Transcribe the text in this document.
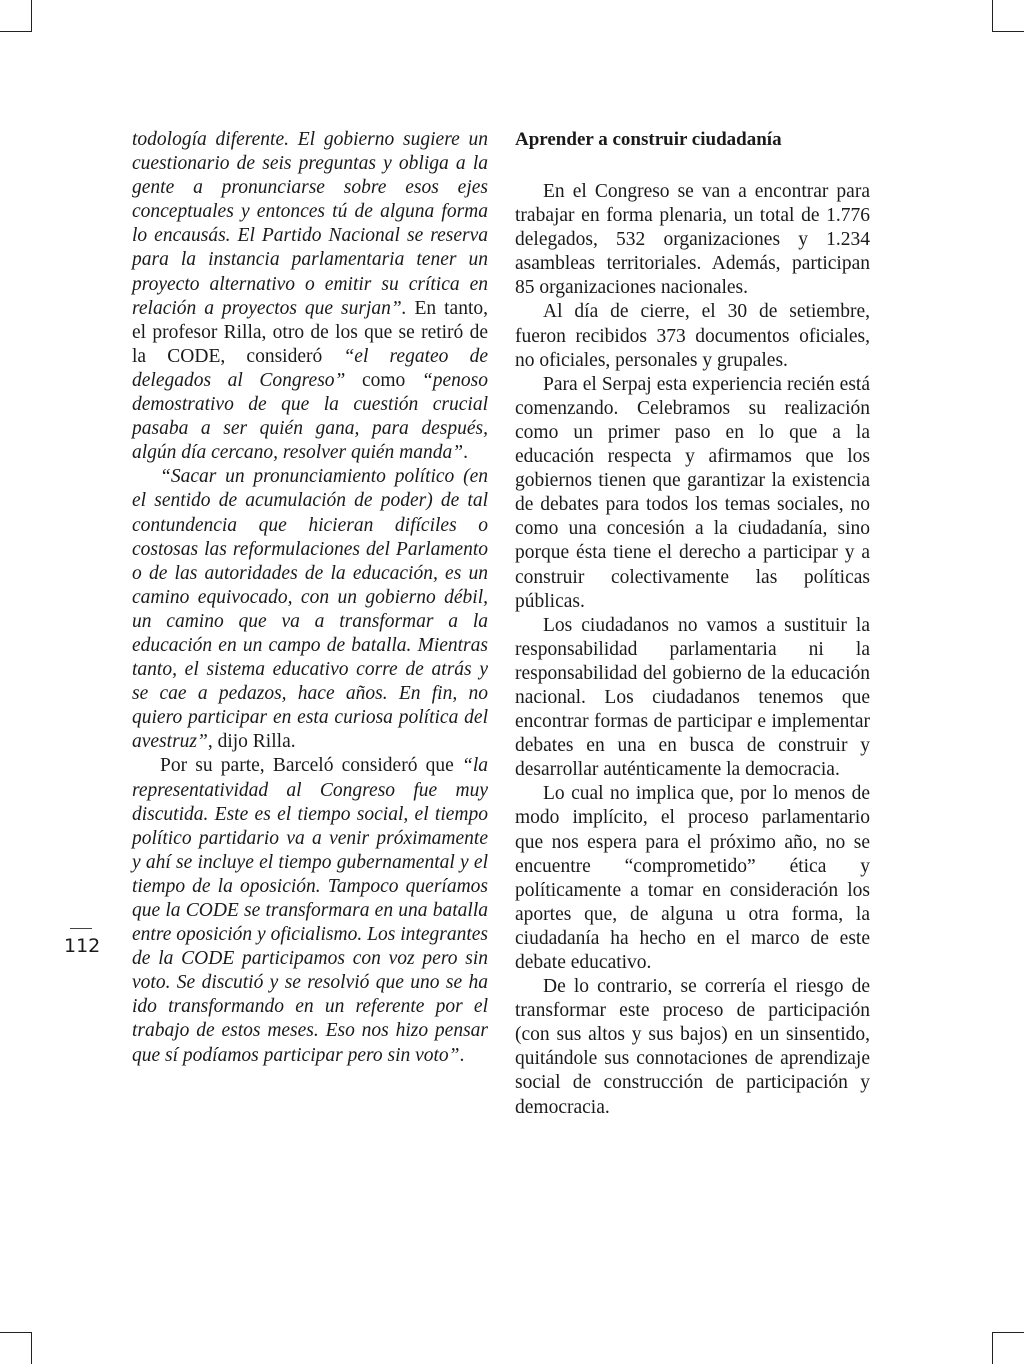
todología diferente. El gobierno sugiere un cuestionario de seis preguntas y obliga a la gente a pronunciarse sobre esos ejes conceptuales y entonces tú de alguna forma lo encausás. El Partido Nacional se reserva para la instancia parlamentaria tener un proyecto alternativo o emitir su crítica en relación a proyectos que surjan”. En tanto, el profesor Rilla, otro de los que se retiró de la CODE, consideró “el regateo de delegados al Congreso” como “penoso demostrativo de que la cuestión crucial pasaba a ser quién gana, para después, algún día cercano, resolver quién manda”.

“Sacar un pronunciamiento político (en el sentido de acumulación de poder) de tal contundencia que hicieran difíciles o costosas las reformulaciones del Parlamento o de las autoridades de la educación, es un camino equivocado, con un gobierno débil, un camino que va a transformar a la educación en un campo de batalla. Mientras tanto, el sistema educativo corre de atrás y se cae a pedazos, hace años. En fin, no quiero participar en esta curiosa política del avestruz”, dijo Rilla.

Por su parte, Barceló consideró que “la representatividad al Congreso fue muy discutida. Este es el tiempo social, el tiempo político partidario va a venir próximamente y ahí se incluye el tiempo gubernamental y el tiempo de la oposición. Tampoco queríamos que la CODE se transformara en una batalla entre oposición y oficialismo. Los integrantes de la CODE participamos con voz pero sin voto. Se discutió y se resolvió que uno se ha ido transformando en un referente por el trabajo de estos meses. Eso nos hizo pensar que sí podíamos participar pero sin voto”.

Aprender a construir ciudadanía

En el Congreso se van a encontrar para trabajar en forma plenaria, un total de 1.776 delegados, 532 organizaciones y 1.234 asambleas territoriales. Además, participan 85 organizaciones nacionales.

Al día de cierre, el 30 de setiembre, fueron recibidos 373 documentos oficiales, no oficiales, personales y grupales.

Para el Serpaj esta experiencia recién está comenzando. Celebramos su realización como un primer paso en lo que a la educación respecta y afirmamos que los gobiernos tienen que garantizar la existencia de debates para todos los temas sociales, no como una concesión a la ciudadanía, sino porque ésta tiene el derecho a participar y a construir colectivamente las políticas públicas.

Los ciudadanos no vamos a sustituir la responsabilidad parlamentaria ni la responsabilidad del gobierno de la educación nacional. Los ciudadanos tenemos que encontrar formas de participar e implementar debates en una en busca de construir y desarrollar auténticamente la democracia.

Lo cual no implica que, por lo menos de modo implícito, el proceso parlamentario que nos espera para el próximo año, no se encuentre “comprometido” ética y políticamente a tomar en consideración los aportes que, de alguna u otra forma, la ciudadanía ha hecho en el marco de este debate educativo.

De lo contrario, se correría el riesgo de transformar este proceso de participación (con sus altos y sus bajos) en un sinsentido, quitándole sus connotaciones de aprendizaje social de construcción de participación y democracia.

112
